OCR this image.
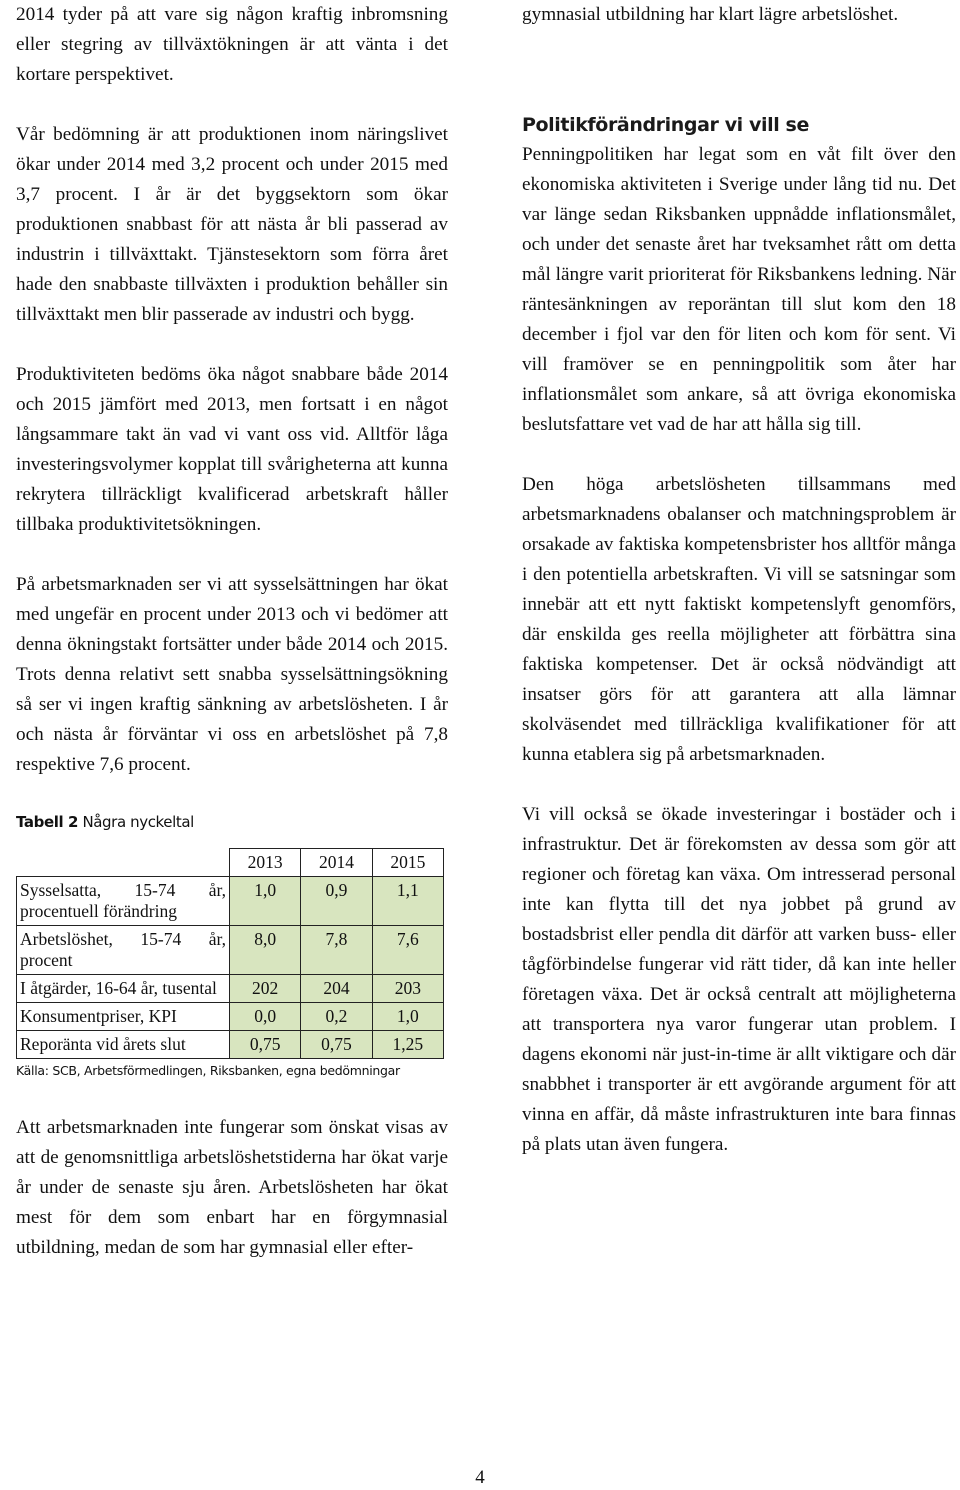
2014 tyder på att vare sig någon kraftig inbromsning eller stegring av tillväxtökningen är att vänta i det kortare perspektivet.

Vår bedömning är att produktionen inom näringslivet ökar under 2014 med 3,2 procent och under 2015 med 3,7 procent. I år är det byggsektorn som ökar produktionen snabbast för att nästa år bli passerad av industrin i tillväxttakt. Tjänstesektorn som förra året hade den snabbaste tillväxten i produktion behåller sin tillväxttakt men blir passerade av industri och bygg.

Produktiviteten bedöms öka något snabbare både 2014 och 2015 jämfört med 2013, men fortsatt i en något långsammare takt än vad vi vant oss vid. Alltför låga investeringsvolymer kopplat till svårigheterna att kunna rekrytera tillräckligt kvalificerad arbetskraft håller tillbaka produktivitetsökningen.

På arbetsmarknaden ser vi att sysselsättningen har ökat med ungefär en procent under 2013 och vi bedömer att denna ökningstakt fortsätter under både 2014 och 2015. Trots denna relativt sett snabba sysselsättningsökning så ser vi ingen kraftig sänkning av arbetslösheten. I år och nästa år förväntar vi oss en arbetslöshet på 7,8 respektive 7,6 procent.

Tabell 2 Några nyckeltal
	2013	2014	2015
Sysselsatta, 15-74 år, procentuell förändring	1,0	0,9	1,1
Arbetslöshet, 15-74 år, procent	8,0	7,8	7,6
I åtgärder, 16-64 år, tusental	202	204	203
Konsumentpriser, KPI	0,0	0,2	1,0
Reporänta vid årets slut	0,75	0,75	1,25
Källa: SCB, Arbetsförmedlingen, Riksbanken, egna bedömningar

Att arbetsmarknaden inte fungerar som önskat visas av att de genomsnittliga arbetslöshetstiderna har ökat varje år under de senaste sju åren. Arbetslösheten har ökat mest för dem som enbart har en förgymnasial utbildning, medan de som har gymnasial eller efter-

gymnasial utbildning har klart lägre arbetslöshet.

Politikförändringar vi vill se

Penningpolitiken har legat som en våt filt över den ekonomiska aktiviteten i Sverige under lång tid nu. Det var länge sedan Riksbanken uppnådde inflationsmålet, och under det senaste året har tveksamhet rått om detta mål längre varit prioriterat för Riksbankens ledning. När räntesänkningen av reporäntan till slut kom den 18 december i fjol var den för liten och kom för sent. Vi vill framöver se en penningpolitik som åter har inflationsmålet som ankare, så att övriga ekonomiska beslutsfattare vet vad de har att hålla sig till.

Den höga arbetslösheten tillsammans med arbetsmarknadens obalanser och matchningsproblem är orsakade av faktiska kompetensbrister hos alltför många i den potentiella arbetskraften. Vi vill se satsningar som innebär att ett nytt faktiskt kompetenslyft genomförs, där enskilda ges reella möjligheter att förbättra sina faktiska kompetenser. Det är också nödvändigt att insatser görs för att garantera att alla lämnar skolväsendet med tillräckliga kvalifikationer för att kunna etablera sig på arbetsmarknaden.

Vi vill också se ökade investeringar i bostäder och i infrastruktur. Det är förekomsten av dessa som gör att regioner och företag kan växa. Om intresserad personal inte kan flytta till det nya jobbet på grund av bostadsbrist eller pendla dit därför att varken buss- eller tågförbindelse fungerar vid rätt tider, då kan inte heller företagen växa. Det är också centralt att möjligheterna att transportera nya varor fungerar utan problem. I dagens ekonomi när just-in-time är allt viktigare och där snabbhet i transporter är ett avgörande argument för att vinna en affär, då måste infrastrukturen inte bara finnas på plats utan även fungera.

4
